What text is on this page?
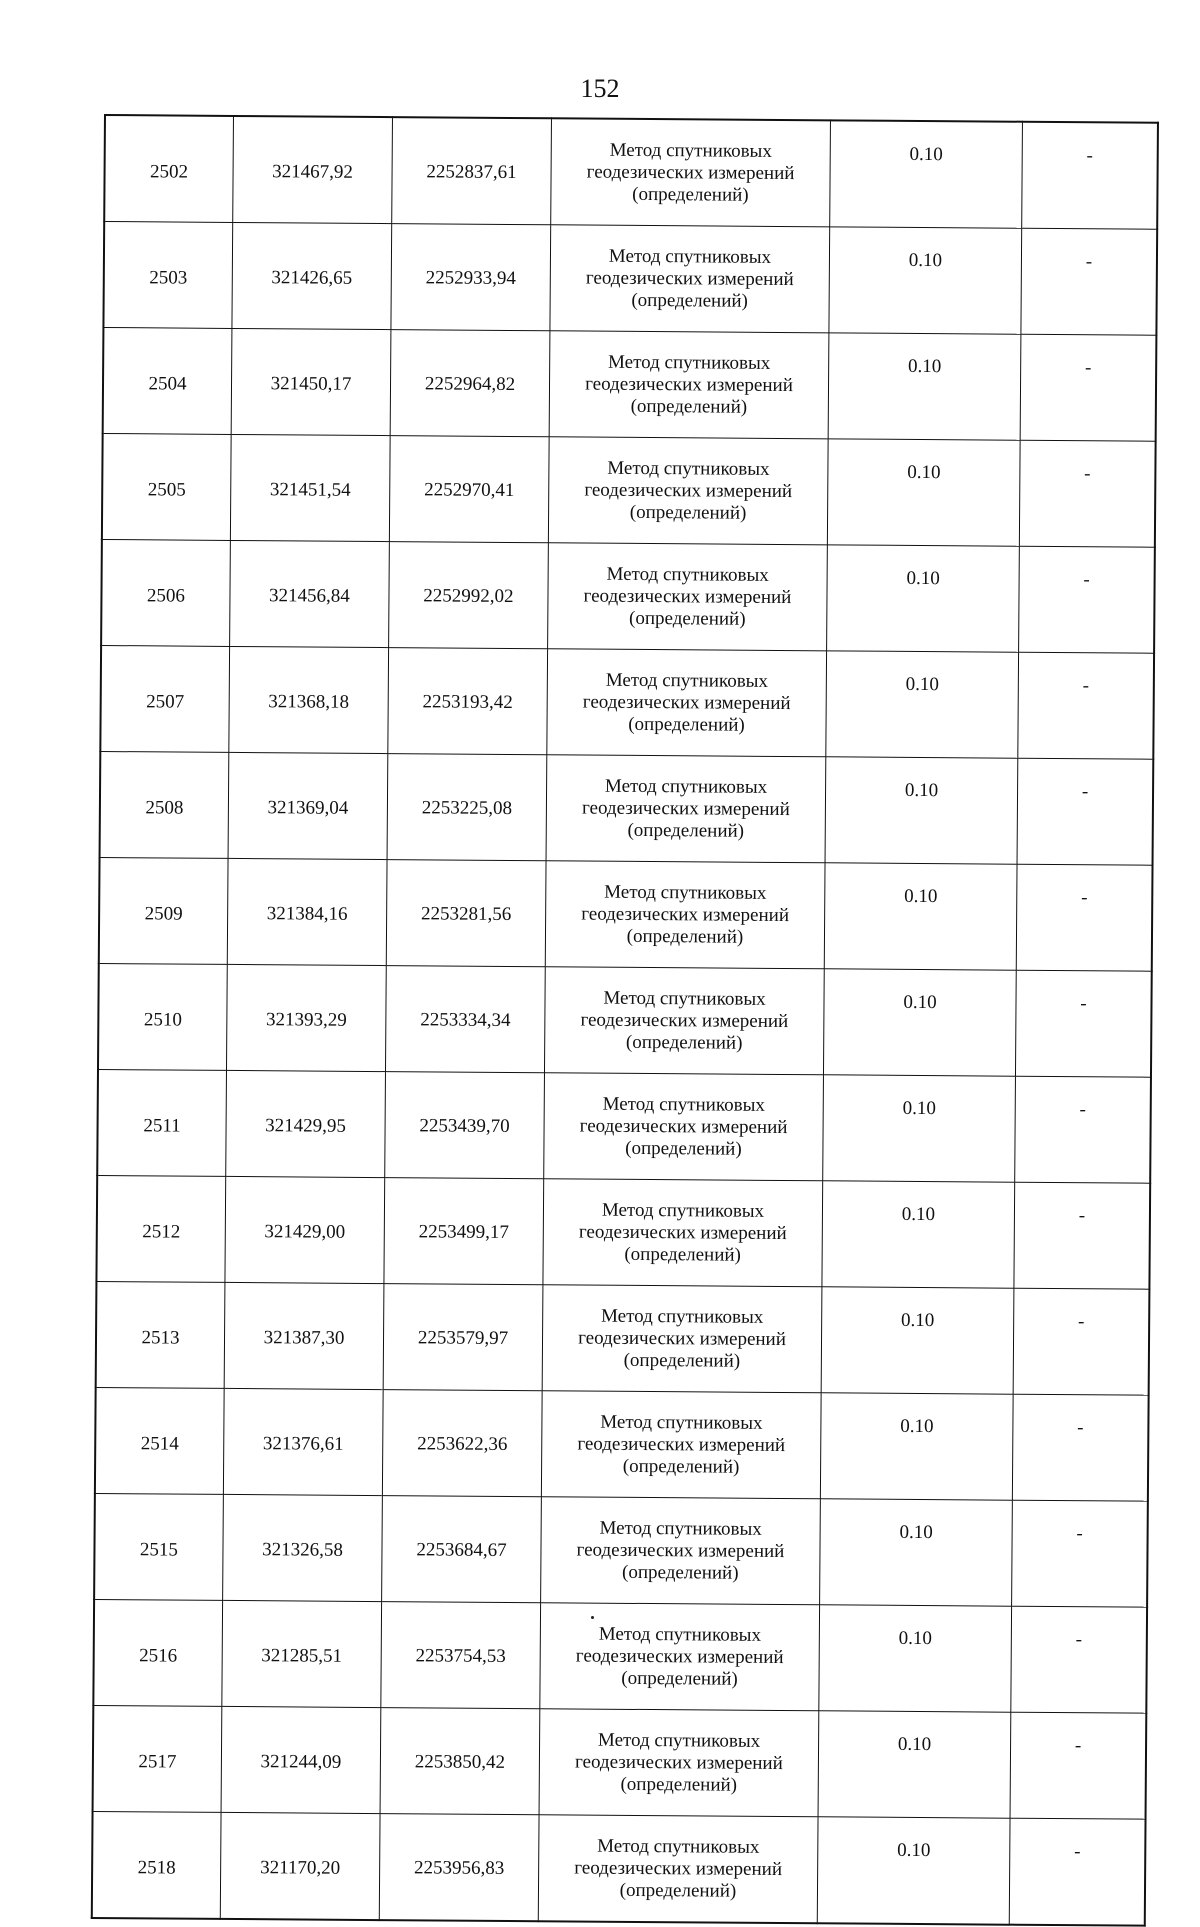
152
2502	321467,92	2252837,61	Метод спутниковых
геодезических измерений
(определений)	0.10	-
2503	321426,65	2252933,94	Метод спутниковых
геодезических измерений
(определений)	0.10	-
2504	321450,17	2252964,82	Метод спутниковых
геодезических измерений
(определений)	0.10	-
2505	321451,54	2252970,41	Метод спутниковых
геодезических измерений
(определений)	0.10	-
2506	321456,84	2252992,02	Метод спутниковых
геодезических измерений
(определений)	0.10	-
2507	321368,18	2253193,42	Метод спутниковых
геодезических измерений
(определений)	0.10	-
2508	321369,04	2253225,08	Метод спутниковых
геодезических измерений
(определений)	0.10	-
2509	321384,16	2253281,56	Метод спутниковых
геодезических измерений
(определений)	0.10	-
2510	321393,29	2253334,34	Метод спутниковых
геодезических измерений
(определений)	0.10	-
2511	321429,95	2253439,70	Метод спутниковых
геодезических измерений
(определений)	0.10	-
2512	321429,00	2253499,17	Метод спутниковых
геодезических измерений
(определений)	0.10	-
2513	321387,30	2253579,97	Метод спутниковых
геодезических измерений
(определений)	0.10	-
2514	321376,61	2253622,36	Метод спутниковых
геодезических измерений
(определений)	0.10	-
2515	321326,58	2253684,67	Метод спутниковых
геодезических измерений
(определений)	0.10	-
2516	321285,51	2253754,53	Метод спутниковых
геодезических измерений
(определений)	0.10	-
2517	321244,09	2253850,42	Метод спутниковых
геодезических измерений
(определений)	0.10	-
2518	321170,20	2253956,83	Метод спутниковых
геодезических измерений
(определений)	0.10	-
